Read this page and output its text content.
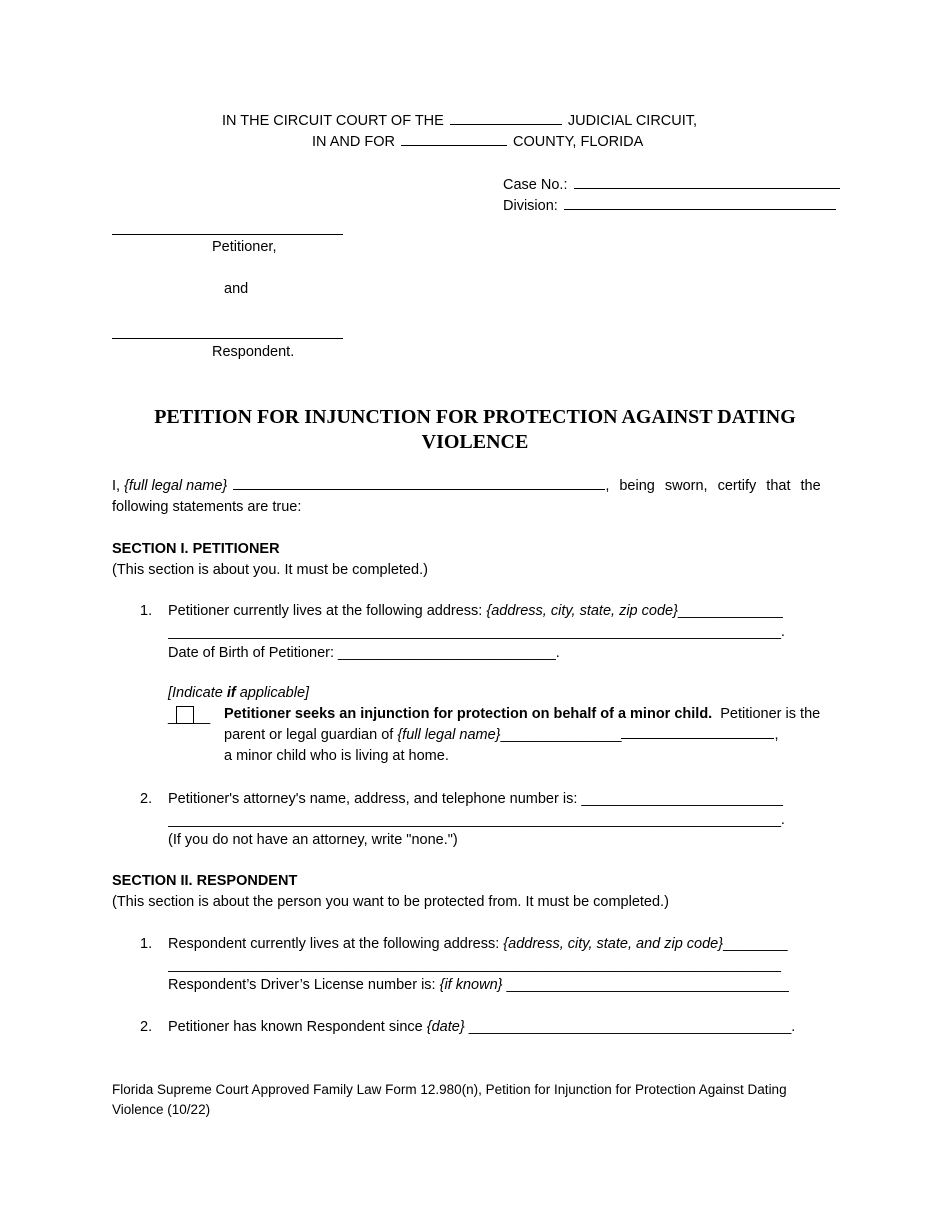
IN THE CIRCUIT COURT OF THE	JUDICIAL CIRCUIT,
IN AND FOR	COUNTY, FLORIDA
Case No.:
Division:
Petitioner,
and
Respondent.
PETITION FOR INJUNCTION FOR PROTECTION AGAINST DATING
VIOLENCE
I, {full legal name}	, being sworn, certify that the
following statements are true:
SECTION I. PETITIONER
(This section is about you. It must be completed.)
1. Petitioner currently lives at the following address: {address, city, state, zip code}_____________
____________________________________________________________________________.
Date of Birth of Petitioner: ___________________________.
[Indicate if applicable]
_ __ Petitioner seeks an injunction for protection on behalf of a minor child. Petitioner is the
parent or legal guardian of {full legal name}_______________	,
a minor child who is living at home.
2. Petitioner's attorney's name, address, and telephone number is: _________________________
____________________________________________________________________________.
(If you do not have an attorney, write "none.")
SECTION II. RESPONDENT
(This section is about the person you want to be protected from. It must be completed.)
1. Respondent currently lives at the following address: {address, city, state, and zip code}________
____________________________________________________________________________
Respondent’s Driver’s License number is: {if known} ___________________________________
2. Petitioner has known Respondent since {date} ________________________________________.
Florida Supreme Court Approved Family Law Form 12.980(n), Petition for Injunction for Protection Against Dating
Violence (10/22)
